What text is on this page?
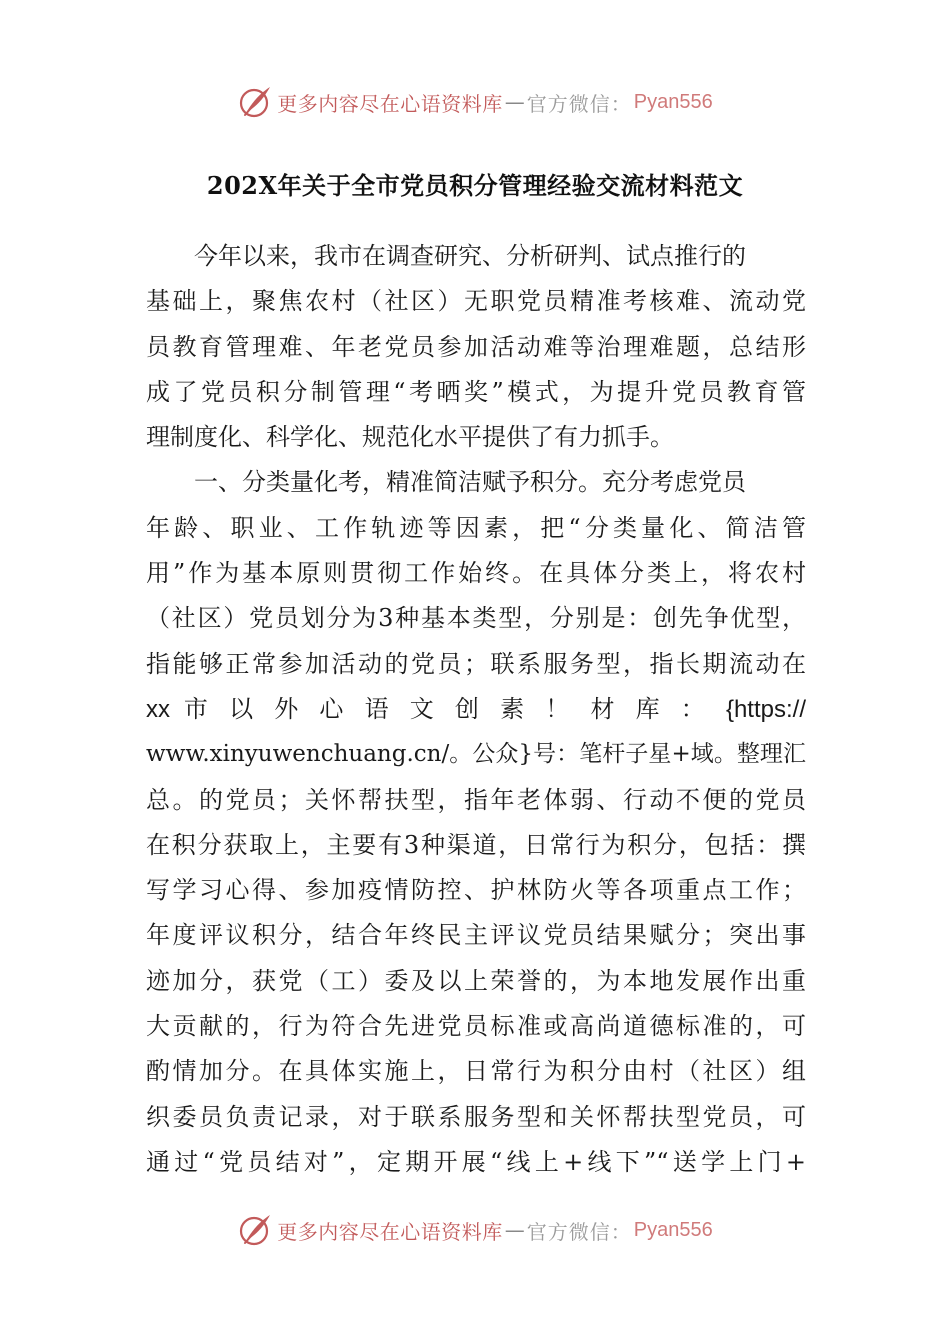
更多内容尽在心语资料库 — 官方微信： Pyan556
202X年关于全市党员积分管理经验交流材料范文
今年以来，我市在调查研究、分析研判、试点推行的
基础上，聚焦农村（社区）无职党员精准考核难、流动党
员教育管理难、年老党员参加活动难等治理难题，总结形
成了党员积分制管理“考晒奖”模式，为提升党员教育管
理制度化、科学化、规范化水平提供了有力抓手。
一、分类量化考，精准简洁赋予积分。充分考虑党员
年龄、职业、工作轨迹等因素，把“分类量化、简洁管
用”作为基本原则贯彻工作始终。在具体分类上，将农村
（社区）党员划分为3种基本类型，分别是：创先争优型，
指能够正常参加活动的党员；联系服务型，指长期流动在
xx 市 以 外 心 语 文 创 素 ！ 材 库 ： {https://
www.xinyuwenchuang.cn/。公众}号：笔杆子星+域。整理汇
总。的党员；关怀帮扶型，指年老体弱、行动不便的党员
在积分获取上，主要有3种渠道，日常行为积分，包括：撰
写学习心得、参加疫情防控、护林防火等各项重点工作；
年度评议积分，结合年终民主评议党员结果赋分；突出事
迹加分，获党（工）委及以上荣誉的，为本地发展作出重
大贡献的，行为符合先进党员标准或高尚道德标准的，可
酌情加分。在具体实施上，日常行为积分由村（社区）组
织委员负责记录，对于联系服务型和关怀帮扶型党员，可
通过“党员结对”，定期开展“线上+线下”“送学上门+
更多内容尽在心语资料库 — 官方微信： Pyan556
